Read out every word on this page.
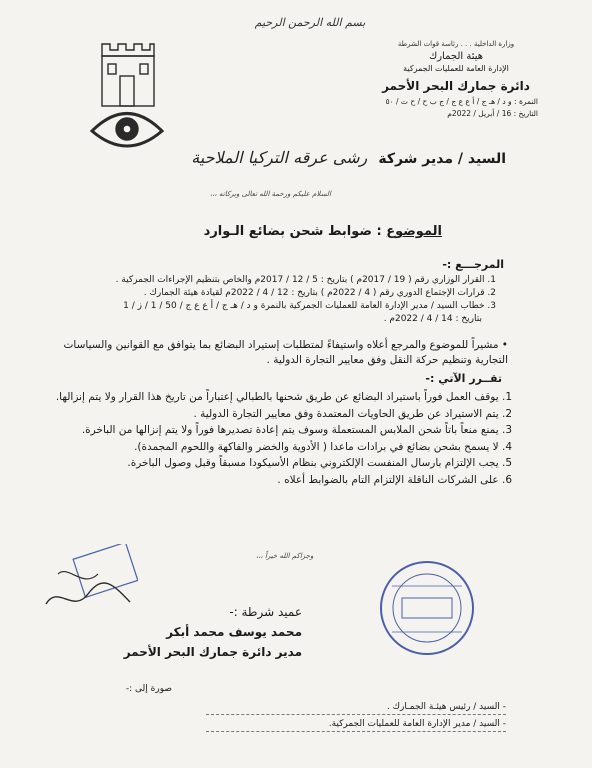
بسم الله الرحمن الرحيم
وزارة الداخلية . . . رئاسة قوات الشرطة
هيئة الجمارك
الإدارة العامة للعمليات الجمركية
دائرة جمارك البحر الأحمر
النمرة : و د / هـ ج / أ ع ع ج / ج ب ح / ح ت / ٥٠
التاريخ : 16 / أبريل / 2022م
السيد / مدير شركة رشى عرقه التركيا الملاحية
السلام عليكم ورحمة الله تعالى وبركاته ،،،
الموضوع : ضوابط شحن بضائع الـوارد
المرجـــع :-
1. القرار الوزاري رقم ( 19 / 2017م ) بتاريخ : 5 / 12 / 2017م والخاص بتنظيم الإجراءات الجمركية .
2. قرارات الإجتماع الدوري رقم ( 4 / 2022م ) بتاريخ : 12 / 4 / 2022م لقيادة هيئة الجمارك .
3. خطاب السيد / مدير الإدارة العامة للعمليات الجمركية بالنمرة و د / هـ ج / أ ع ع ج / 50 / 1 / ز / 1
بتاريخ : 14 / 4 / 2022م .
• مشيراً للموضوع والمرجع أعلاه واستيفاءً لمتطلبات إستيراد البضائع بما يتوافق مع القوانين والسياسات التجارية وتنظيم حركة النقل وفق معايير التجارة الدولية .
تقــرر الآتي :-
1. يوقف العمل فوراً باستيراد البضائع عن طريق شحنها بالطبالي إعتباراً من تاريخ هذا القرار ولا يتم إنزالها.
2. يتم الاستيراد عن طريق الحاويات المعتمدة وفق معايير التجارة الدولية .
3. يمنع منعاً باتاً شحن الملابس المستعملة وسوف يتم إعادة تصديرها فوراً ولا يتم إنزالها من الباخرة.
4. لا يسمح بشحن بضائع في برادات ماعدا ( الأدوية والخضر والفاكهة واللحوم المجمدة).
5. يجب الإلتزام بارسال المنفست الإلكتروني بنظام الأسيكودا مسبقاً وقبل وصول الباخرة.
6. على الشركات الناقلة الإلتزام التام بالضوابط أعلاه .
وجزاكم الله خيراً ،،،
عميد شرطة :-
محمد يوسف محمد أبكر
مدير دائرة جمارك البحر الأحمر
صورة إلى :-
- السيد / رئيس هيئـة الجمـارك .
- السيد / مدير الإدارة العامة للعمليات الجمركية.
